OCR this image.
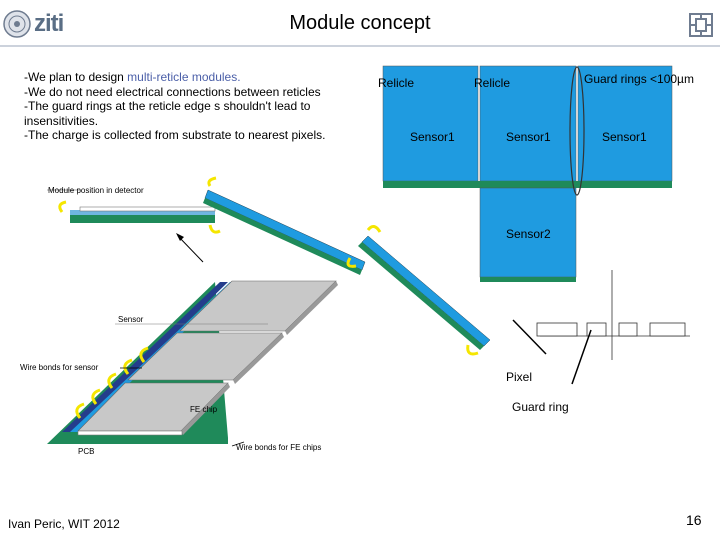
ziti	Module concept
-We plan to design multi-reticle modules.
-We do not need electrical connections between reticles
-The guard rings at the reticle edge s shouldn't lead to
insensitivities.
-The charge is collected from substrate to nearest pixels.
Relicle	Relicle	Guard rings <100µm
Sensor1	Sensor1	Sensor1
Sensor2
Pixel
Guard ring
Module position in detector
Sensor
Wire bonds for sensor
FE chip
PCB	Wire bonds for FE chips
Ivan Peric, WIT 2012	16
